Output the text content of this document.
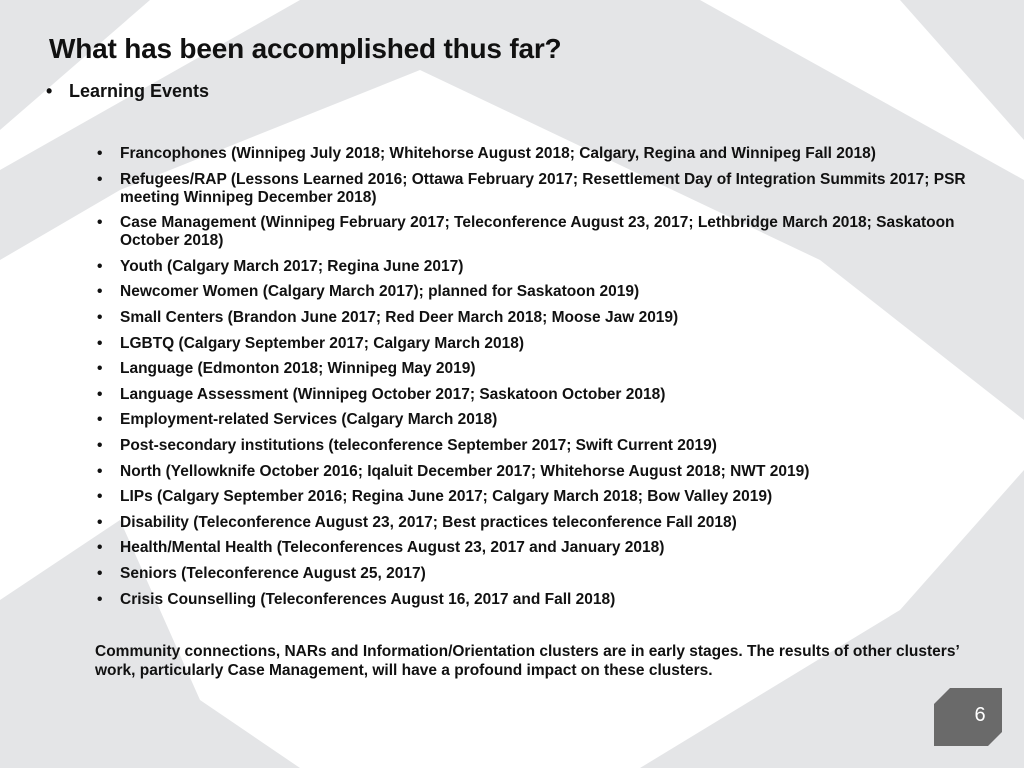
What has been accomplished thus far?
• Learning Events
• Francophones (Winnipeg July 2018; Whitehorse August 2018; Calgary, Regina and Winnipeg Fall 2018)
• Refugees/RAP (Lessons Learned 2016; Ottawa February 2017; Resettlement Day of Integration Summits 2017; PSR meeting Winnipeg December 2018)
• Case Management (Winnipeg February 2017; Teleconference August 23, 2017; Lethbridge March 2018; Saskatoon October 2018)
• Youth (Calgary March 2017; Regina June 2017)
• Newcomer Women (Calgary March 2017); planned for Saskatoon 2019)
• Small Centers (Brandon June 2017; Red Deer March 2018; Moose Jaw 2019)
• LGBTQ (Calgary September 2017; Calgary March 2018)
• Language (Edmonton 2018; Winnipeg May 2019)
• Language Assessment (Winnipeg October 2017; Saskatoon October 2018)
• Employment-related Services (Calgary March 2018)
• Post-secondary institutions (teleconference September 2017; Swift Current 2019)
• North (Yellowknife October 2016; Iqaluit December 2017; Whitehorse August 2018; NWT 2019)
• LIPs (Calgary September 2016; Regina June 2017; Calgary March 2018; Bow Valley 2019)
• Disability (Teleconference August 23, 2017; Best practices teleconference Fall 2018)
• Health/Mental Health (Teleconferences August 23, 2017 and January 2018)
• Seniors (Teleconference August 25, 2017)
• Crisis Counselling (Teleconferences August 16, 2017 and Fall 2018)
Community connections, NARs and Information/Orientation clusters are in early stages. The results of other clusters’ work, particularly Case Management, will have a profound impact on these clusters.
6
